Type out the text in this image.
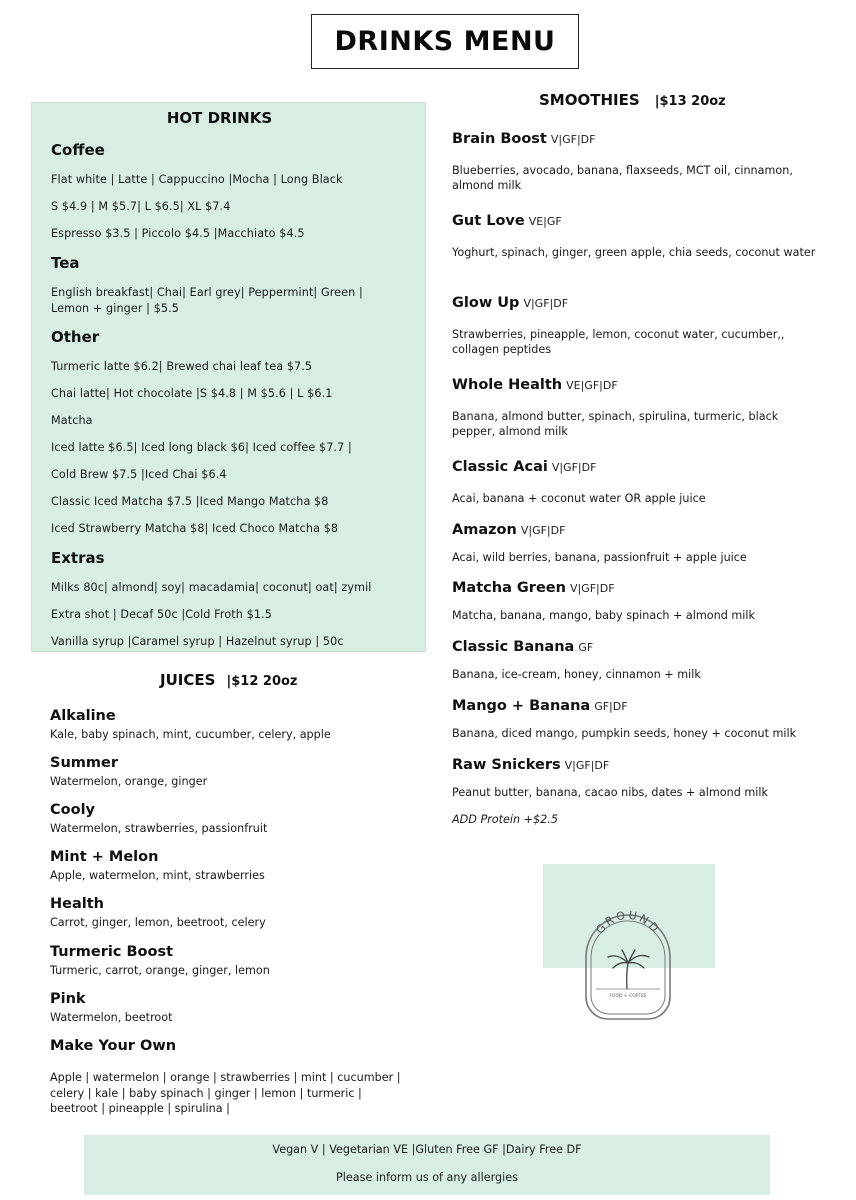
DRINKS MENU
HOT DRINKS
Coffee
Flat white | Latte | Cappuccino |Mocha | Long Black
S $4.9 | M $5.7| L $6.5| XL $7.4
Espresso $3.5 | Piccolo $4.5 |Macchiato $4.5
Tea
English breakfast| Chai| Earl grey| Peppermint| Green | Lemon + ginger | $5.5
Other
Turmeric latte $6.2| Brewed chai leaf tea $7.5
Chai latte| Hot chocolate |S $4.8 | M $5.6 | L $6.1
Matcha
Iced latte $6.5| Iced long black $6| Iced coffee $7.7 |
Cold Brew $7.5 |Iced Chai $6.4
Classic Iced Matcha $7.5 |Iced Mango Matcha $8
Iced Strawberry Matcha $8| Iced Choco Matcha $8
Extras
Milks 80c| almond| soy| macadamia| coconut| oat| zymil
Extra shot | Decaf 50c |Cold Froth $1.5
Vanilla syrup |Caramel syrup | Hazelnut syrup | 50c
JUICES |$12 20oz
Alkaline
Kale, baby spinach, mint, cucumber, celery, apple
Summer
Watermelon, orange, ginger
Cooly
Watermelon, strawberries, passionfruit
Mint + Melon
Apple, watermelon, mint, strawberries
Health
Carrot, ginger, lemon, beetroot, celery
Turmeric Boost
Turmeric, carrot, orange, ginger, lemon
Pink
Watermelon, beetroot
Make Your Own
Apple | watermelon | orange | strawberries | mint | cucumber | celery | kale | baby spinach | ginger | lemon | turmeric | beetroot | pineapple | spirulina |
SMOOTHIES |$13 20oz
Brain Boost V|GF|DF
Blueberries, avocado, banana, flaxseeds, MCT oil, cinnamon, almond milk
Gut Love VE|GF
Yoghurt, spinach, ginger, green apple, chia seeds, coconut water
Glow Up V|GF|DF
Strawberries, pineapple, lemon, coconut water, cucumber,, collagen peptides
Whole Health VE|GF|DF
Banana, almond butter, spinach, spirulina, turmeric, black pepper, almond milk
Classic Acai V|GF|DF
Acai, banana + coconut water OR apple juice
Amazon V|GF|DF
Acai, wild berries, banana, passionfruit + apple juice
Matcha Green V|GF|DF
Matcha, banana, mango, baby spinach + almond milk
Classic Banana GF
Banana, ice-cream, honey, cinnamon + milk
Mango + Banana GF|DF
Banana, diced mango, pumpkin seeds, honey + coconut milk
Raw Snickers V|GF|DF
Peanut butter, banana, cacao nibs, dates + almond milk
ADD Protein +$2.5
GROUND
FOOD + COFFEE
Vegan V | Vegetarian VE |Gluten Free GF |Dairy Free DF
Please inform us of any allergies
